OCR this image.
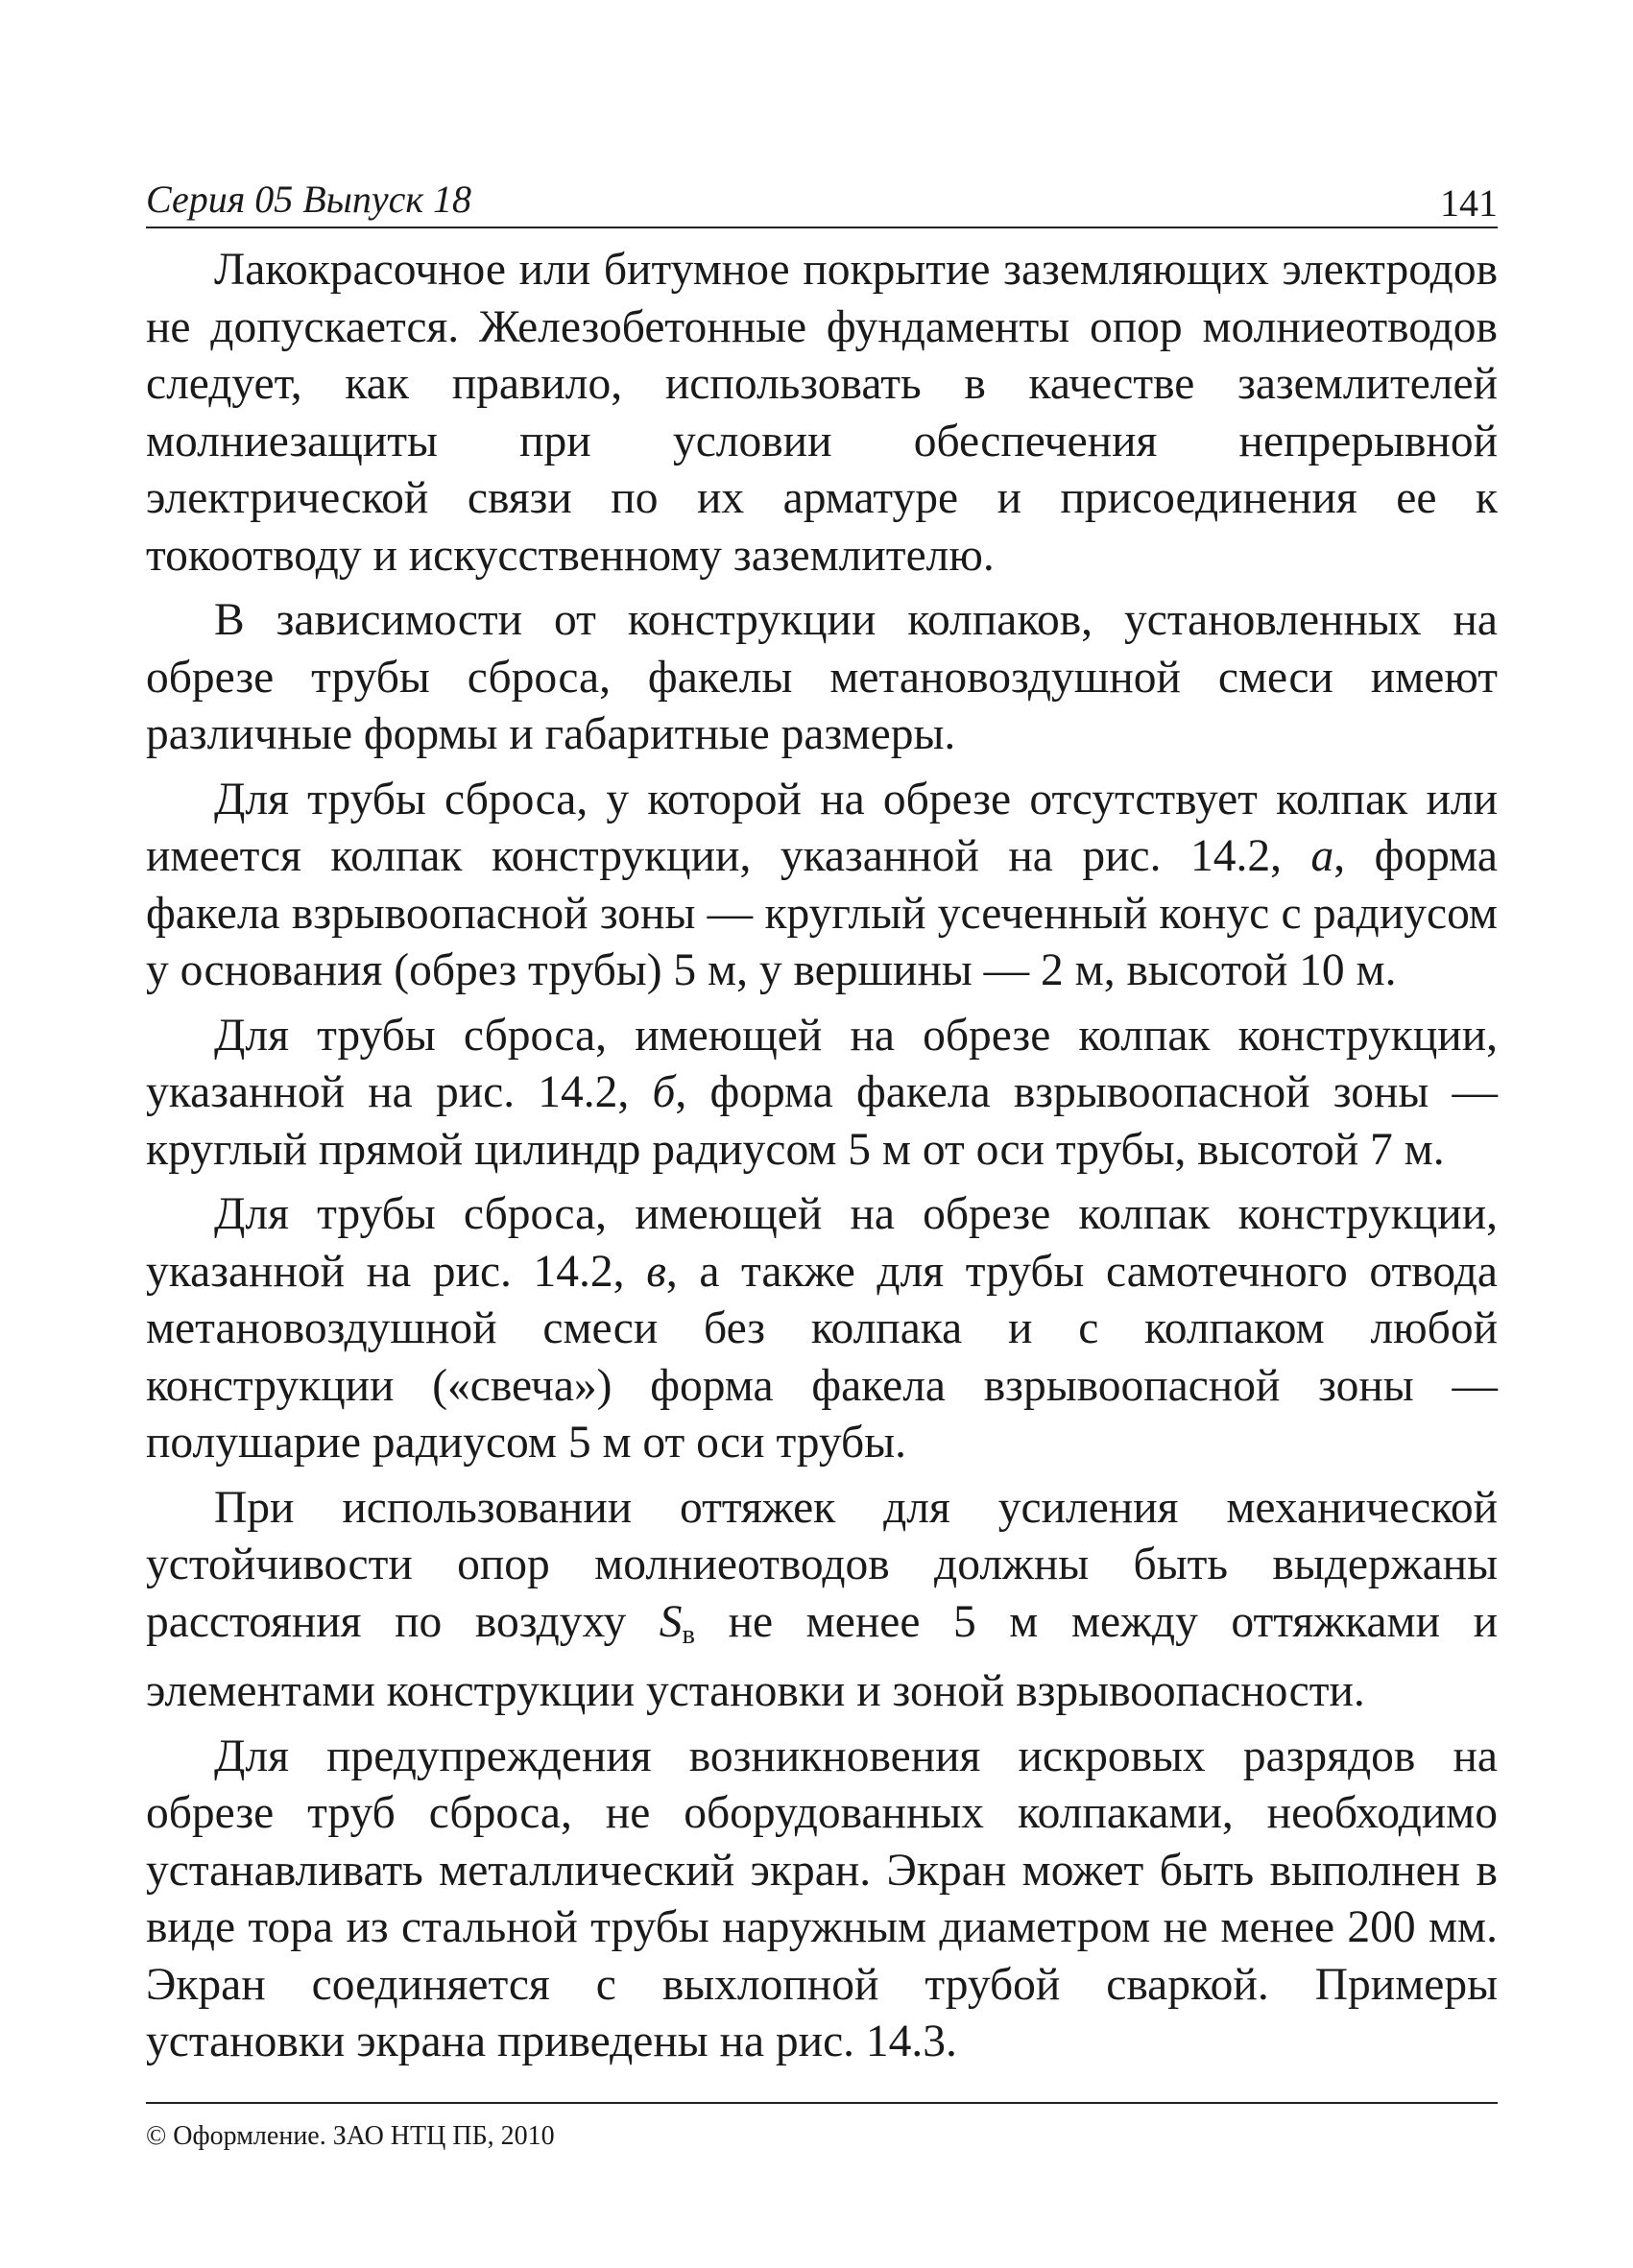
Серия 05 Выпуск 18	141

Лакокрасочное или битумное покрытие заземляющих электродов не допускается. Железобетонные фундаменты опор молниеотводов следует, как правило, использовать в качестве заземлителей молниезащиты при условии обеспечения непрерывной электрической связи по их арматуре и присоединения ее к токоотводу и искусственному заземлителю.

В зависимости от конструкции колпаков, установленных на обрезе трубы сброса, факелы метановоздушной смеси имеют различные формы и габаритные размеры.

Для трубы сброса, у которой на обрезе отсутствует колпак или имеется колпак конструкции, указанной на рис. 14.2, а, форма факела взрывоопасной зоны — круглый усеченный конус с радиусом у основания (обрез трубы) 5 м, у вершины — 2 м, высотой 10 м.

Для трубы сброса, имеющей на обрезе колпак конструкции, указанной на рис. 14.2, б, форма факела взрывоопасной зоны — круглый прямой цилиндр радиусом 5 м от оси трубы, высотой 7 м.

Для трубы сброса, имеющей на обрезе колпак конструкции, указанной на рис. 14.2, в, а также для трубы самотечного отвода метановоздушной смеси без колпака и с колпаком любой конструкции («свеча») форма факела взрывоопасной зоны — полушарие радиусом 5 м от оси трубы.

При использовании оттяжек для усиления механической устойчивости опор молниеотводов должны быть выдержаны расстояния по воздуху $S_в$ не менее 5 м между оттяжками и элементами конструкции установки и зоной взрывоопасности.

Для предупреждения возникновения искровых разрядов на обрезе труб сброса, не оборудованных колпаками, необходимо устанавливать металлический экран. Экран может быть выполнен в виде тора из стальной трубы наружным диаметром не менее 200 мм. Экран соединяется с выхлопной трубой сваркой. Примеры установки экрана приведены на рис. 14.3.

© Оформление. ЗАО НТЦ ПБ, 2010
